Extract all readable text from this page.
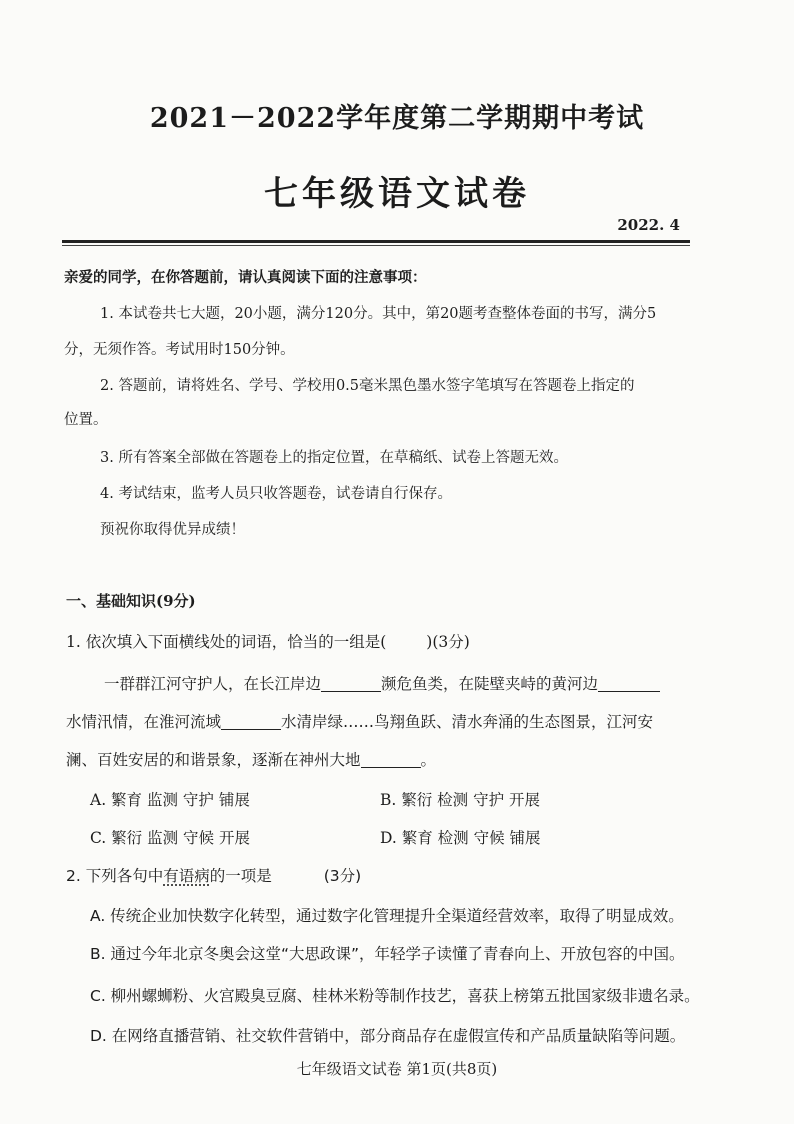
2021－2022学年度第二学期期中考试
七年级语文试卷
2022. 4
亲爱的同学，在你答题前，请认真阅读下面的注意事项：
1. 本试卷共七大题，20小题，满分120分。其中，第20题考查整体卷面的书写，满分5
分，无须作答。考试用时150分钟。
2. 答题前，请将姓名、学号、学校用0.5毫米黑色墨水签字笔填写在答题卷上指定的
位置。
3. 所有答案全部做在答题卷上的指定位置，在草稿纸、试卷上答题无效。
4. 考试结束，监考人员只收答题卷，试卷请自行保存。
预祝你取得优异成绩！
一、基础知识(9分)
1. 依次填入下面横线处的词语，恰当的一组是(	)(3分)
一群群江河守护人，在长江岸边	濒危鱼类，在陡壁夹峙的黄河边
水情汛情，在淮河流域	水清岸绿……鸟翔鱼跃、清水奔涌的生态图景，江河安
澜、百姓安居的和谐景象，逐渐在神州大地	。
A. 繁育 监测 守护 铺展	B. 繁衍 检测 守护 开展
C. 繁衍 监测 守候 开展	D. 繁育 检测 守候 铺展
2. 下列各句中有语病的一项是	(3分)
A. 传统企业加快数字化转型，通过数字化管理提升全渠道经营效率，取得了明显成效。
B. 通过今年北京冬奥会这堂“大思政课”，年轻学子读懂了青春向上、开放包容的中国。
C. 柳州螺蛳粉、火宫殿臭豆腐、桂林米粉等制作技艺，喜获上榜第五批国家级非遗名录。
D. 在网络直播营销、社交软件营销中，部分商品存在虚假宣传和产品质量缺陷等问题。
七年级语文试卷 第1页(共8页)
